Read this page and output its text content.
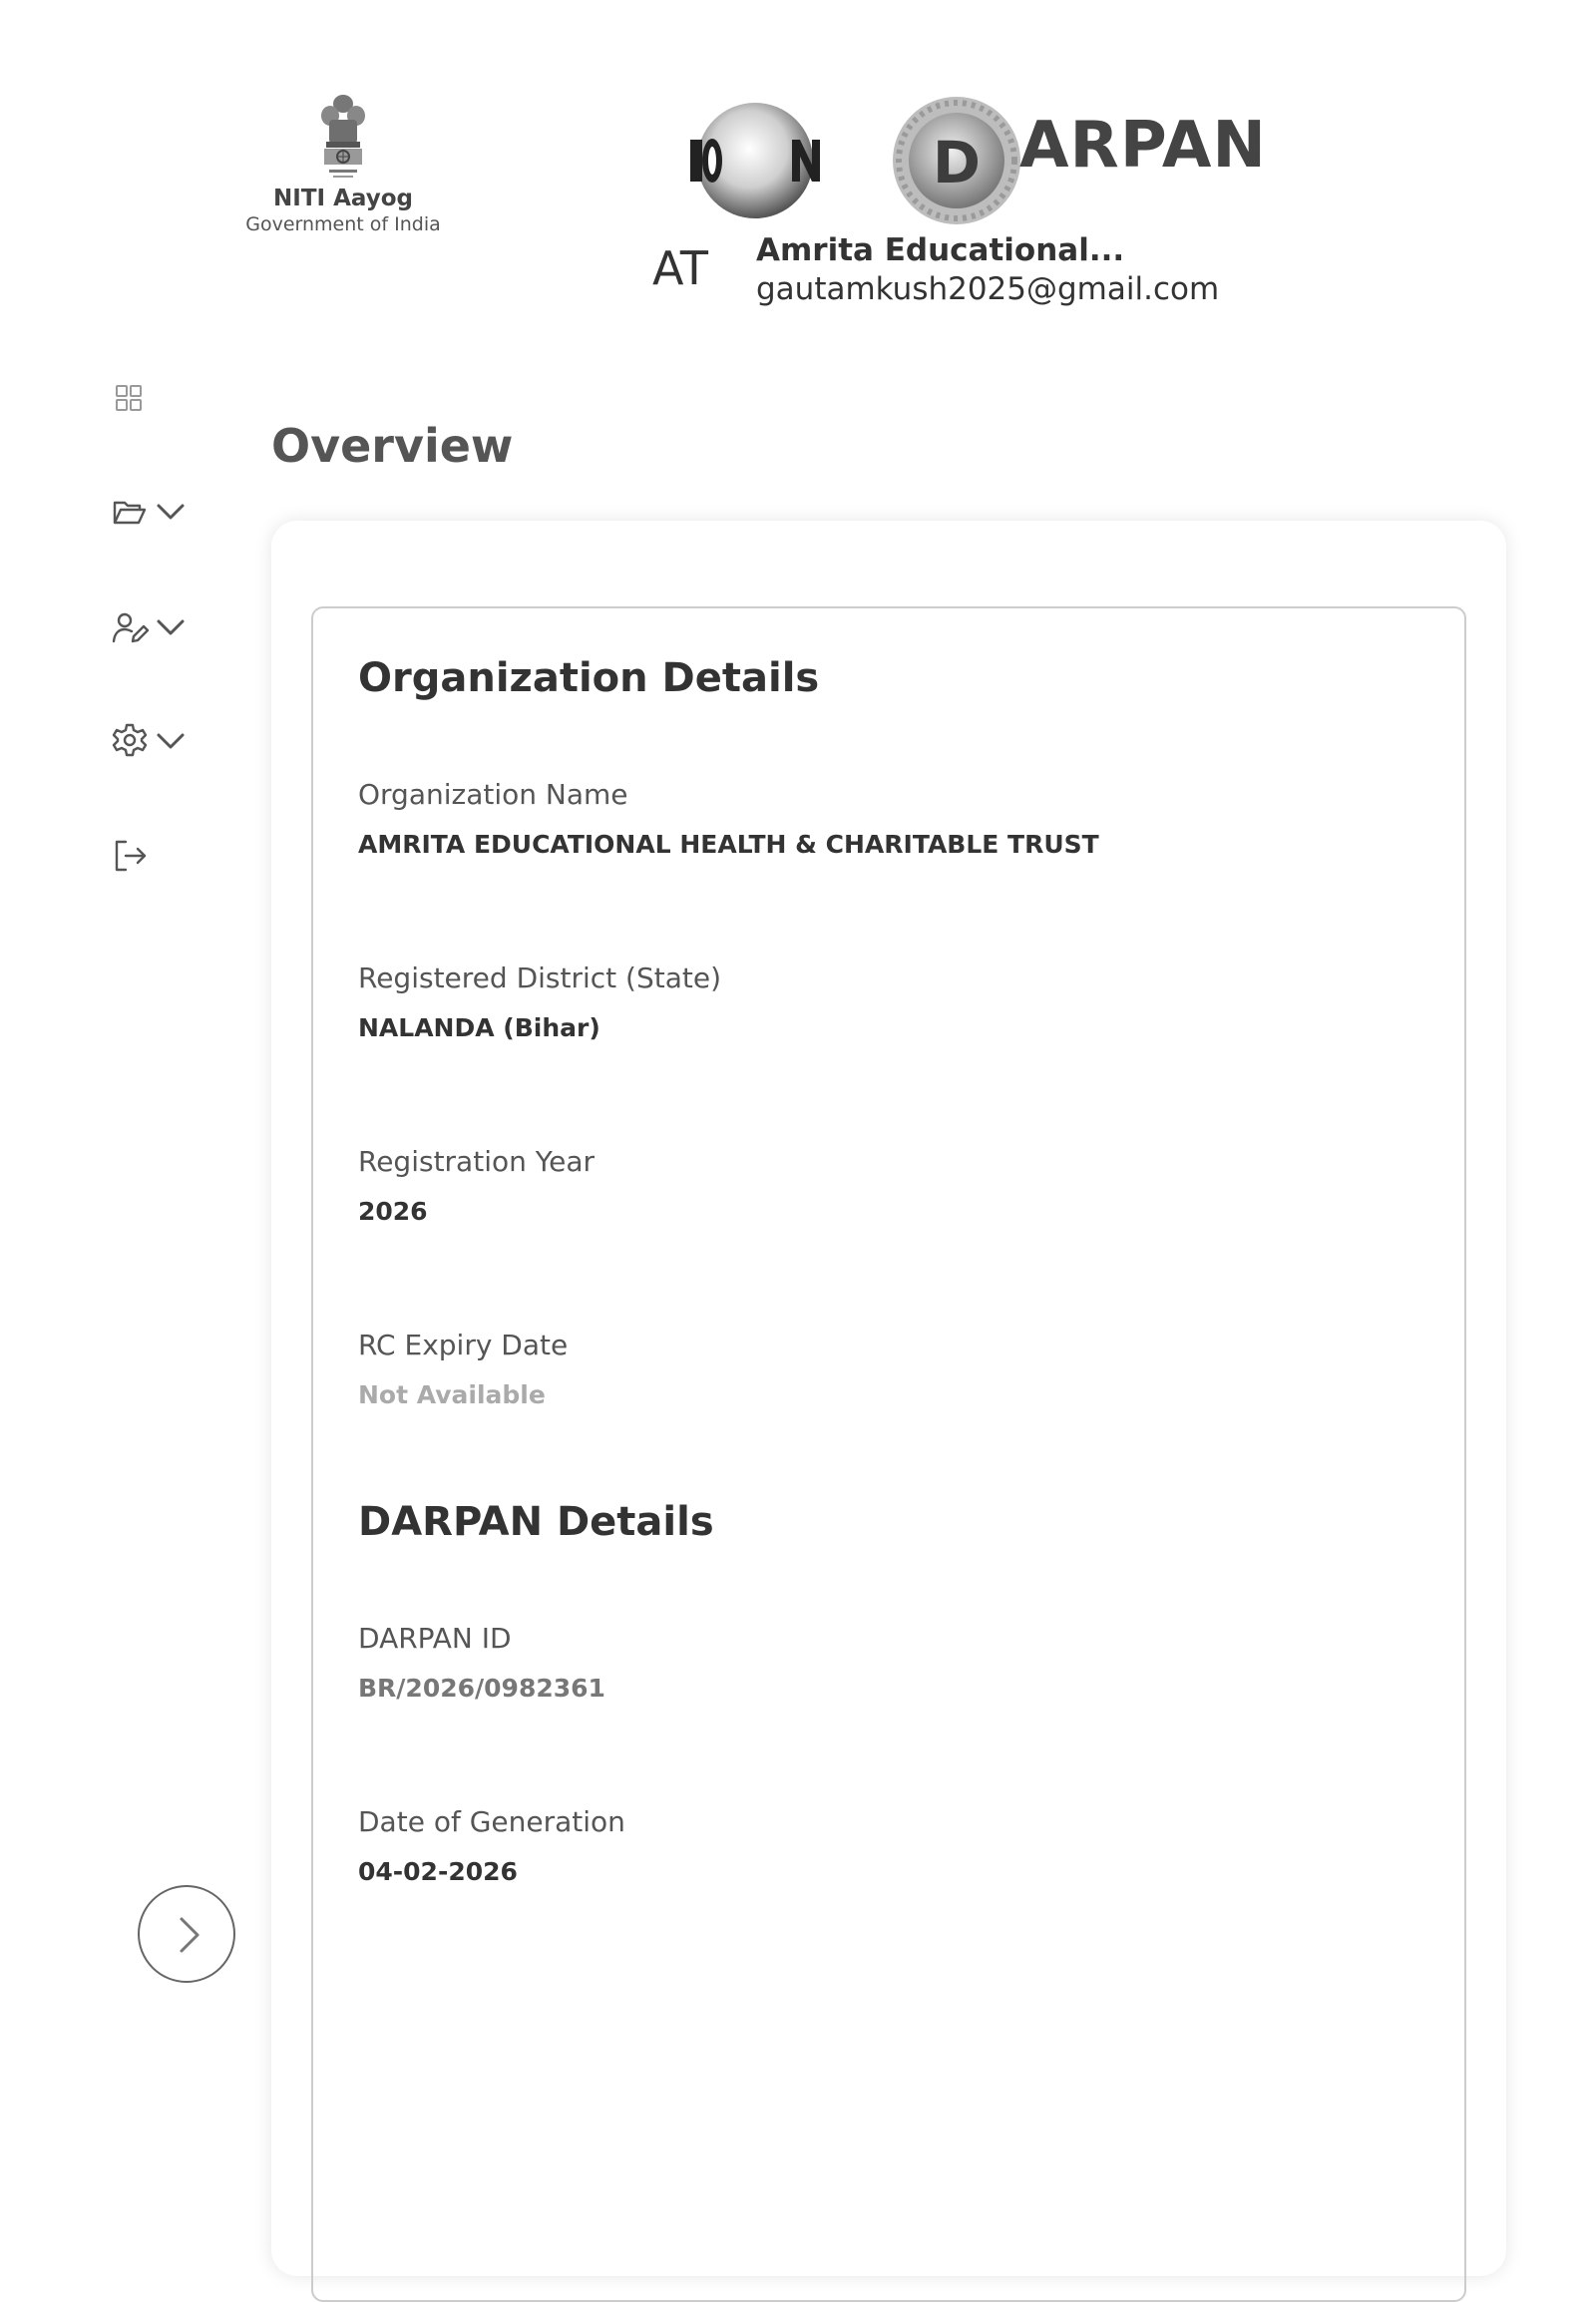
NITI Aayog
Government of India
D ARPAN
AT Amrita Educational...
gautamkush2025@gmail.com
Overview
Organization Details
Organization Name
AMRITA EDUCATIONAL HEALTH & CHARITABLE TRUST
Registered District (State)
NALANDA (Bihar)
Registration Year
2026
RC Expiry Date
Not Available
DARPAN Details
DARPAN ID
BR/2026/0982361
Date of Generation
04-02-2026
